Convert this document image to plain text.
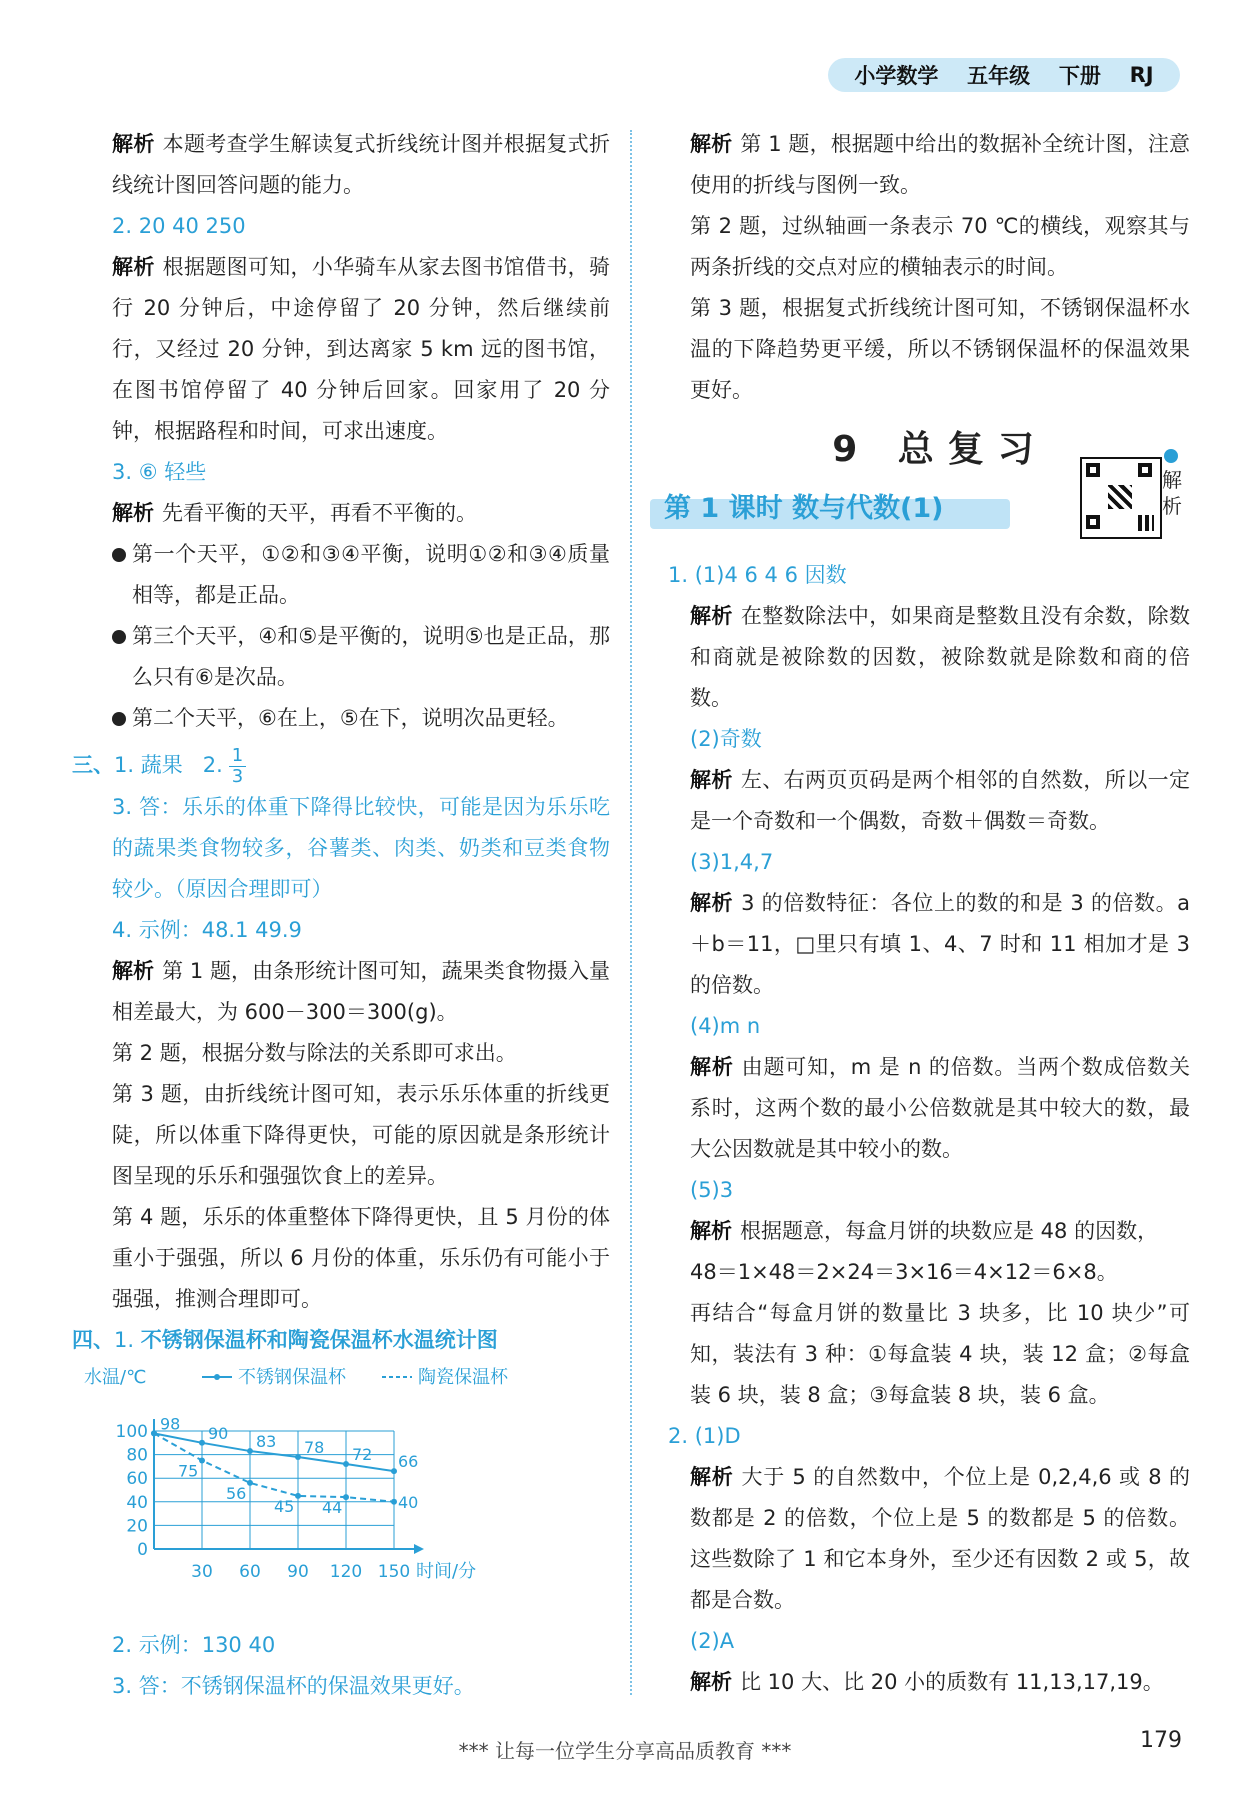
小学数学 五年级 下册 RJ

解析 本题考查学生解读复式折线统计图并根据复式折线统计图回答问题的能力。

2. 20 40 250

解析 根据题图可知，小华骑车从家去图书馆借书，骑行 20 分钟后，中途停留了 20 分钟，然后继续前行，又经过 20 分钟，到达离家 5 km 远的图书馆，在图书馆停留了 40 分钟后回家。回家用了 20 分钟，根据路程和时间，可求出速度。

3. ⑥ 轻些

解析 先看平衡的天平，再看不平衡的。

第一个天平，①②和③④平衡，说明①②和③④质量相等，都是正品。

第三个天平，④和⑤是平衡的，说明⑤也是正品，那么只有⑥是次品。

第二个天平，⑥在上，⑤在下，说明次品更轻。

三、1. 蔬果 2. $\frac{1}{3}$

3. 答：乐乐的体重下降得比较快，可能是因为乐乐吃的蔬果类食物较多，谷薯类、肉类、奶类和豆类食物较少。（原因合理即可）

4. 示例：48.1 49.9

解析 第 1 题，由条形统计图可知，蔬果类食物摄入量相差最大，为 600－300＝300(g)。

第 2 题，根据分数与除法的关系即可求出。

第 3 题，由折线统计图可知，表示乐乐体重的折线更陡，所以体重下降得更快，可能的原因就是条形统计图呈现的乐乐和强强饮食上的差异。

第 4 题，乐乐的体重整体下降得更快，且 5 月份的体重小于强强，所以 6 月份的体重，乐乐仍有可能小于强强，推测合理即可。

四、1. 不锈钢保温杯和陶瓷保温杯水温统计图

水温/℃	不锈钢保温杯	陶瓷保温杯
0
20
40
60
80
100
30 60 90 120 150 时间/分
98 90 83 78 72 66
75
56
45 44	40

2. 示例：130 40

3. 答：不锈钢保温杯的保温效果更好。

解析 第 1 题，根据题中给出的数据补全统计图，注意使用的折线与图例一致。

第 2 题，过纵轴画一条表示 70 ℃的横线，观察其与两条折线的交点对应的横轴表示的时间。

第 3 题，根据复式折线统计图可知，不锈钢保温杯水温的下降趋势更平缓，所以不锈钢保温杯的保温效果更好。

9 总复习
第 1 课时 数与代数(1)
解析

1. (1)4 6 4 6 因数

解析 在整数除法中，如果商是整数且没有余数，除数和商就是被除数的因数，被除数就是除数和商的倍数。

(2)奇数

解析 左、右两页页码是两个相邻的自然数，所以一定是一个奇数和一个偶数，奇数＋偶数＝奇数。

(3)1,4,7

解析 3 的倍数特征：各位上的数的和是 3 的倍数。a＋b＝11，□里只有填 1、4、7 时和 11 相加才是 3 的倍数。

(4)m n

解析 由题可知，m 是 n 的倍数。当两个数成倍数关系时，这两个数的最小公倍数就是其中较大的数，最大公因数就是其中较小的数。

(5)3

解析 根据题意，每盒月饼的块数应是 48 的因数，

48＝1×48＝2×24＝3×16＝4×12＝6×8。

再结合“每盒月饼的数量比 3 块多，比 10 块少”可知，装法有 3 种：①每盒装 4 块，装 12 盒；②每盒装 6 块，装 8 盒；③每盒装 8 块，装 6 盒。

2. (1)D

解析 大于 5 的自然数中，个位上是 0,2,4,6 或 8 的数都是 2 的倍数，个位上是 5 的数都是 5 的倍数。这些数除了 1 和它本身外，至少还有因数 2 或 5，故都是合数。

(2)A

解析 比 10 大、比 20 小的质数有 11,13,17,19。

*** 让每一位学生分享高品质教育 ***	179
